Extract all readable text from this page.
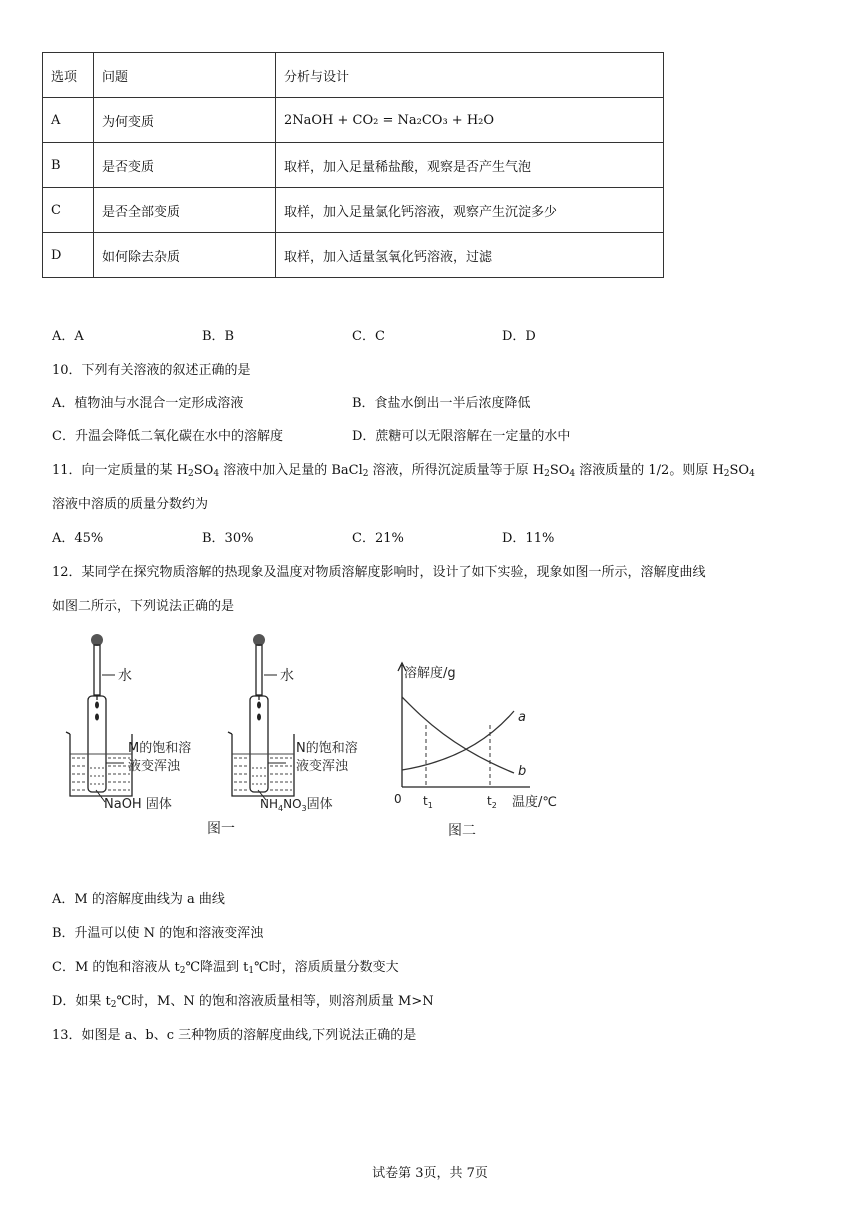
选项	问题	分析与设计
A	为何变质	2NaOH + CO₂ = Na₂CO₃ + H₂O
B	是否变质	取样，加入足量稀盐酸，观察是否产生气泡
C	是否全部变质	取样，加入足量氯化钙溶液，观察产生沉淀多少
D	如何除去杂质	取样，加入适量氢氧化钙溶液，过滤
A．A	B．B	C．C	D．D
10．下列有关溶液的叙述正确的是
A．植物油与水混合一定形成溶液	B．食盐水倒出一半后浓度降低
C．升温会降低二氧化碳在水中的溶解度	D．蔗糖可以无限溶解在一定量的水中
11．向一定质量的某 $H_2SO_4$ 溶液中加入足量的 BaCl$_2$ 溶液，所得沉淀质量等于原 $H_2SO_4$ 溶液质量的 1/2。则原 $H_2SO_4$
溶液中溶质的质量分数约为
A．45%	B．30%	C．21%	D．11%
12．某同学在探究物质溶解的热现象及温度对物质溶解度影响时，设计了如下实验，现象如图一所示，溶解度曲线
如图二所示，下列说法正确的是
水
M的饱和溶
液变浑浊
NaOH 固体
水
N的饱和溶
液变浑浊
$NH_4NO_3$固体
图一
溶解度/g
温度/℃
0 $t_1$	$t_2$
a
b
图二
A．M 的溶解度曲线为 a 曲线
B．升温可以使 N 的饱和溶液变浑浊
C．M 的饱和溶液从 $t_2℃$降温到 $t_1℃$时，溶质质量分数变大
D．如果 $t_2℃$时，M、N 的饱和溶液质量相等，则溶剂质量 M>N
13．如图是 a、b、c 三种物质的溶解度曲线,下列说法正确的是
试卷第 3页，共 7页
